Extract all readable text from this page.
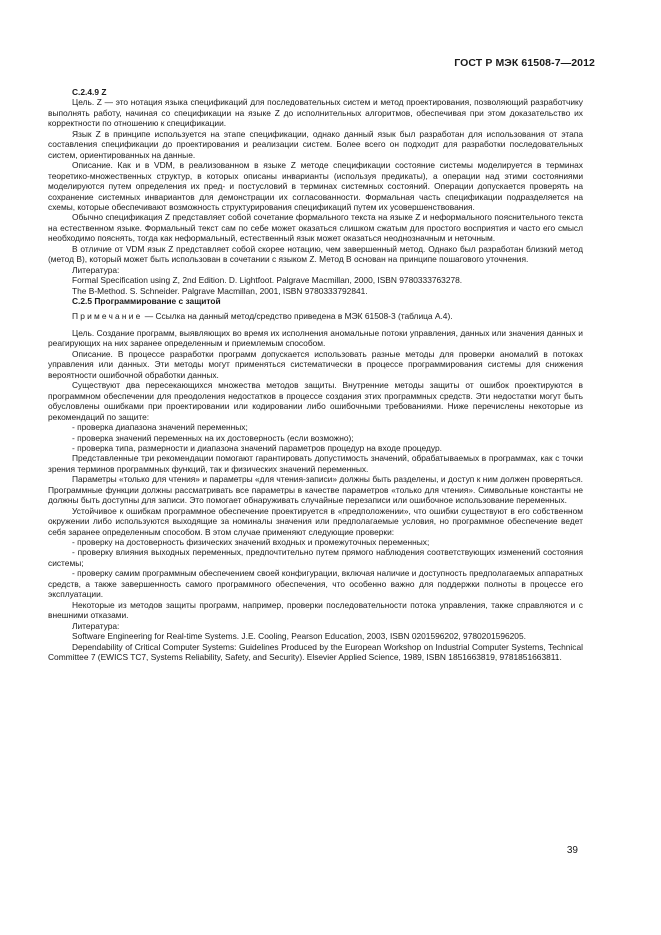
ГОСТ Р МЭК 61508-7—2012

C.2.4.9 Z

Цель. Z — это нотация языка спецификаций для последовательных систем и метод проектирования, позволяющий разработчику выполнять работу, начиная со спецификации на языке Z до исполнительных алгоритмов, обеспечивая при этом доказательство их корректности по отношению к спецификации.

Язык Z в принципе используется на этапе спецификации, однако данный язык был разработан для использования от этапа составления спецификации до проектирования и реализации систем. Более всего он подходит для разработки последовательных систем, ориентированных на данные.

Описание. Как и в VDM, в реализованном в языке Z методе спецификации состояние системы моделируется в терминах теоретико-множественных структур, в которых описаны инварианты (используя предикаты), а операции над этими состояниями моделируются путем определения их пред- и постусловий в терминах системных состояний. Операции допускается проверять на сохранение системных инвариантов для демонстрации их согласованности. Формальная часть спецификации подразделяется на схемы, которые обеспечивают возможность структурирования спецификаций путем их усовершенствования.

Обычно спецификация Z представляет собой сочетание формального текста на языке Z и неформального пояснительного текста на естественном языке. Формальный текст сам по себе может оказаться слишком сжатым для простого восприятия и часто его смысл необходимо пояснять, тогда как неформальный, естественный язык может оказаться неоднозначным и неточным.

В отличие от VDM язык Z представляет собой скорее нотацию, чем завершенный метод. Однако был разработан близкий метод (метод B), который может быть использован в сочетании с языком Z. Метод B основан на принципе пошагового уточнения.

Литература:

Formal Specification using Z, 2nd Edition. D. Lightfoot. Palgrave Macmillan, 2000, ISBN 9780333763278.

The B-Method. S. Schneider. Palgrave Macmillan, 2001, ISBN 9780333792841.

C.2.5 Программирование с защитой

Примечание — Ссылка на данный метод/средство приведена в МЭК 61508-3 (таблица A.4).

Цель. Создание программ, выявляющих во время их исполнения аномальные потоки управления, данных или значения данных и реагирующих на них заранее определенным и приемлемым способом.

Описание. В процессе разработки программ допускается использовать разные методы для проверки аномалий в потоках управления или данных. Эти методы могут применяться систематически в процессе программирования системы для снижения вероятности ошибочной обработки данных.

Существуют два пересекающихся множества методов защиты. Внутренние методы защиты от ошибок проектируются в программном обеспечении для преодоления недостатков в процессе создания этих программных средств. Эти недостатки могут быть обусловлены ошибками при проектировании или кодировании либо ошибочными требованиями. Ниже перечислены некоторые из рекомендаций по защите:

- проверка диапазона значений переменных;

- проверка значений переменных на их достоверность (если возможно);

- проверка типа, размерности и диапазона значений параметров процедур на входе процедур.

Представленные три рекомендации помогают гарантировать допустимость значений, обрабатываемых в программах, как с точки зрения терминов программных функций, так и физических значений переменных.

Параметры «только для чтения» и параметры «для чтения-записи» должны быть разделены, и доступ к ним должен проверяться. Программные функции должны рассматривать все параметры в качестве параметров «только для чтения». Символьные константы не должны быть доступны для записи. Это помогает обнаруживать случайные перезаписи или ошибочное использование переменных.

Устойчивое к ошибкам программное обеспечение проектируется в «предположении», что ошибки существуют в его собственном окружении либо используются выходящие за номиналы значения или предполагаемые условия, но программное обеспечение ведет себя заранее определенным способом. В этом случае применяют следующие проверки:

- проверку на достоверность физических значений входных и промежуточных переменных;

- проверку влияния выходных переменных, предпочтительно путем прямого наблюдения соответствующих изменений состояния системы;

- проверку самим программным обеспечением своей конфигурации, включая наличие и доступность предполагаемых аппаратных средств, а также завершенность самого программного обеспечения, что особенно важно для поддержки полноты в процессе его эксплуатации.

Некоторые из методов защиты программ, например, проверки последовательности потока управления, также справляются и с внешними отказами.

Литература:

Software Engineering for Real-time Systems. J.E. Cooling, Pearson Education, 2003, ISBN 0201596202, 9780201596205.

Dependability of Critical Computer Systems: Guidelines Produced by the European Workshop on Industrial Computer Systems, Technical Committee 7 (EWICS TC7, Systems Reliability, Safety, and Security). Elsevier Applied Science, 1989, ISBN 1851663819, 9781851663811.

39
